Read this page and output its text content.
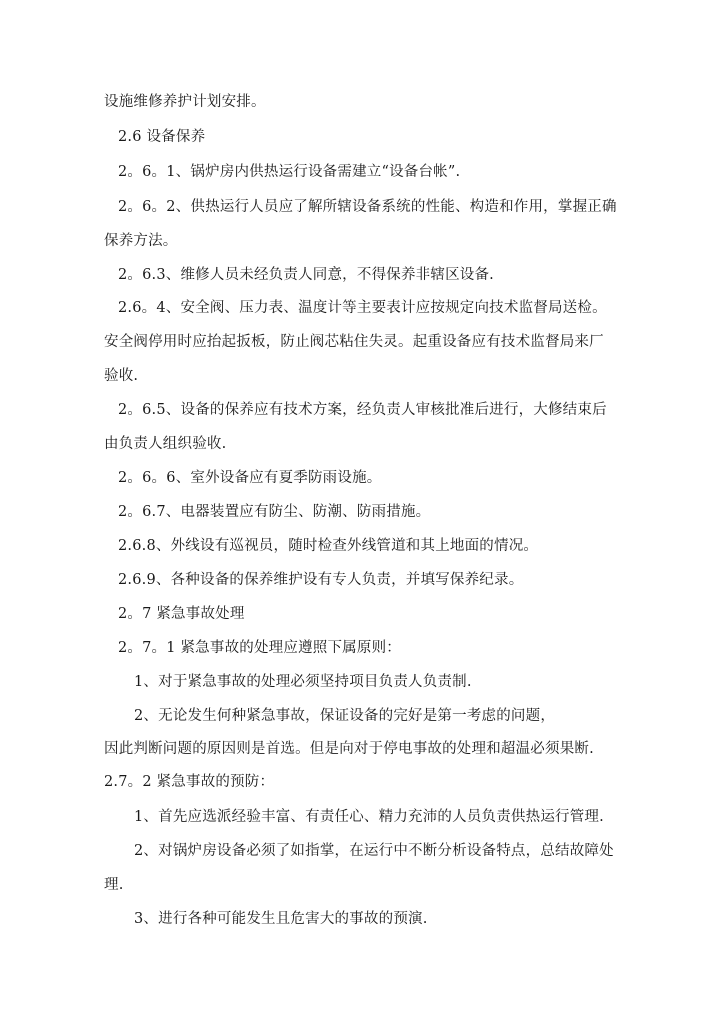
设施维修养护计划安排。
2.6 设备保养
2。6。1、锅炉房内供热运行设备需建立“设备台帐”.
2。6。2、供热运行人员应了解所辖设备系统的性能、构造和作用，掌握正确
保养方法。
2。6.3、维修人员未经负责人同意，不得保养非辖区设备.
2.6。4、安全阀、压力表、温度计等主要表计应按规定向技术监督局送检。
安全阀停用时应抬起扳板，防止阀芯粘住失灵。起重设备应有技术监督局来厂
验收.
2。6.5、设备的保养应有技术方案，经负责人审核批准后进行，大修结束后
由负责人组织验收.
2。6。6、室外设备应有夏季防雨设施。
2。6.7、电器装置应有防尘、防潮、防雨措施。
2.6.8、外线设有巡视员，随时检查外线管道和其上地面的情况。
2.6.9、各种设备的保养维护设有专人负责，并填写保养纪录。
2。7 紧急事故处理
2。7。1 紧急事故的处理应遵照下属原则：
1、对于紧急事故的处理必须坚持项目负责人负责制.
2、无论发生何种紧急事故，保证设备的完好是第一考虑的问题，
因此判断问题的原因则是首选。但是向对于停电事故的处理和超温必须果断.
2.7。2 紧急事故的预防：
1、首先应选派经验丰富、有责任心、精力充沛的人员负责供热运行管理.
2、对锅炉房设备必须了如指掌，在运行中不断分析设备特点，总结故障处
理.
3、进行各种可能发生且危害大的事故的预演.
